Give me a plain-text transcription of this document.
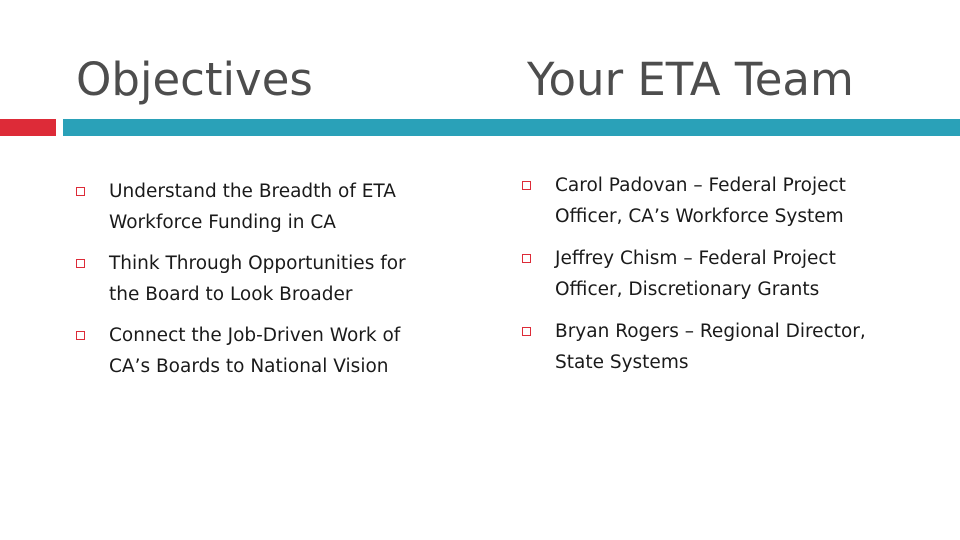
Objectives	Your ETA Team
Understand the Breadth of ETA
Workforce Funding in CA
Think Through Opportunities for
the Board to Look Broader
Connect the Job-Driven Work of
CA’s Boards to National Vision
Carol Padovan – Federal Project
Officer, CA’s Workforce System
Jeffrey Chism – Federal Project
Officer, Discretionary Grants
Bryan Rogers – Regional Director,
State Systems
